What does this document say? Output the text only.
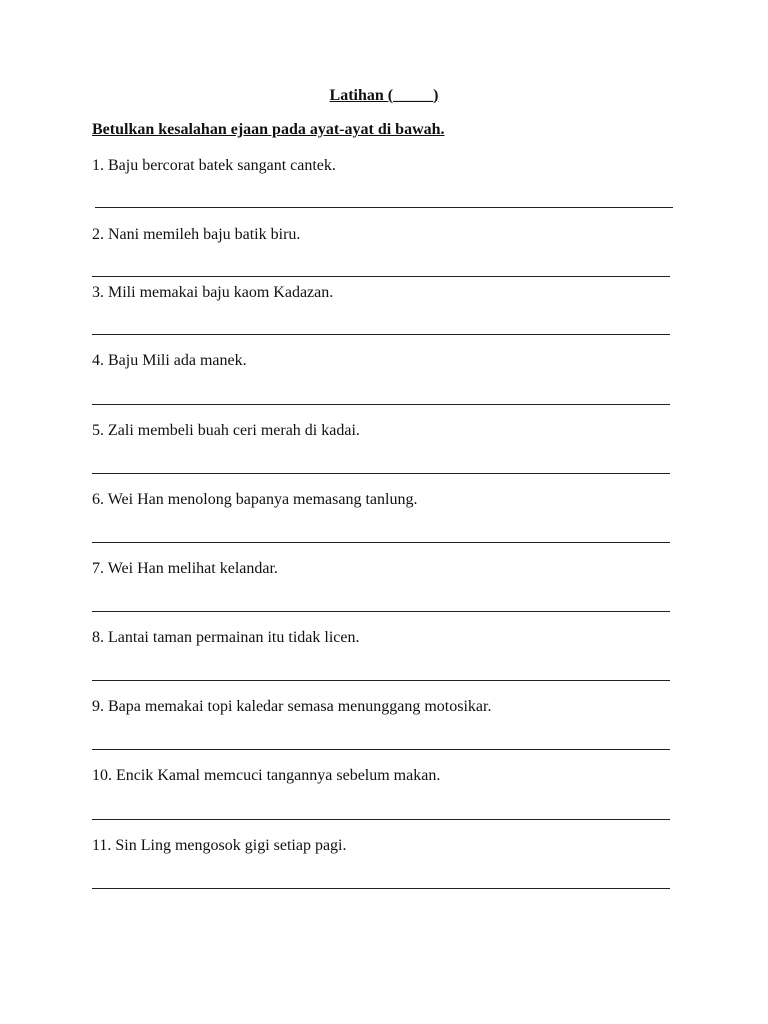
Latihan (_____)
Betulkan kesalahan ejaan pada ayat-ayat di bawah.
1. Baju bercorat batek sangant cantek.
2. Nani memileh baju batik biru.
3. Mili memakai baju kaom Kadazan.
4. Baju Mili ada manek.
5. Zali membeli buah ceri merah di kadai.
6. Wei Han menolong bapanya memasang tanlung.
7. Wei Han melihat kelandar.
8. Lantai taman permainan itu tidak licen.
9. Bapa memakai topi kaledar semasa menunggang motosikar.
10. Encik Kamal memcuci tangannya sebelum makan.
11. Sin Ling mengosok gigi setiap pagi.
